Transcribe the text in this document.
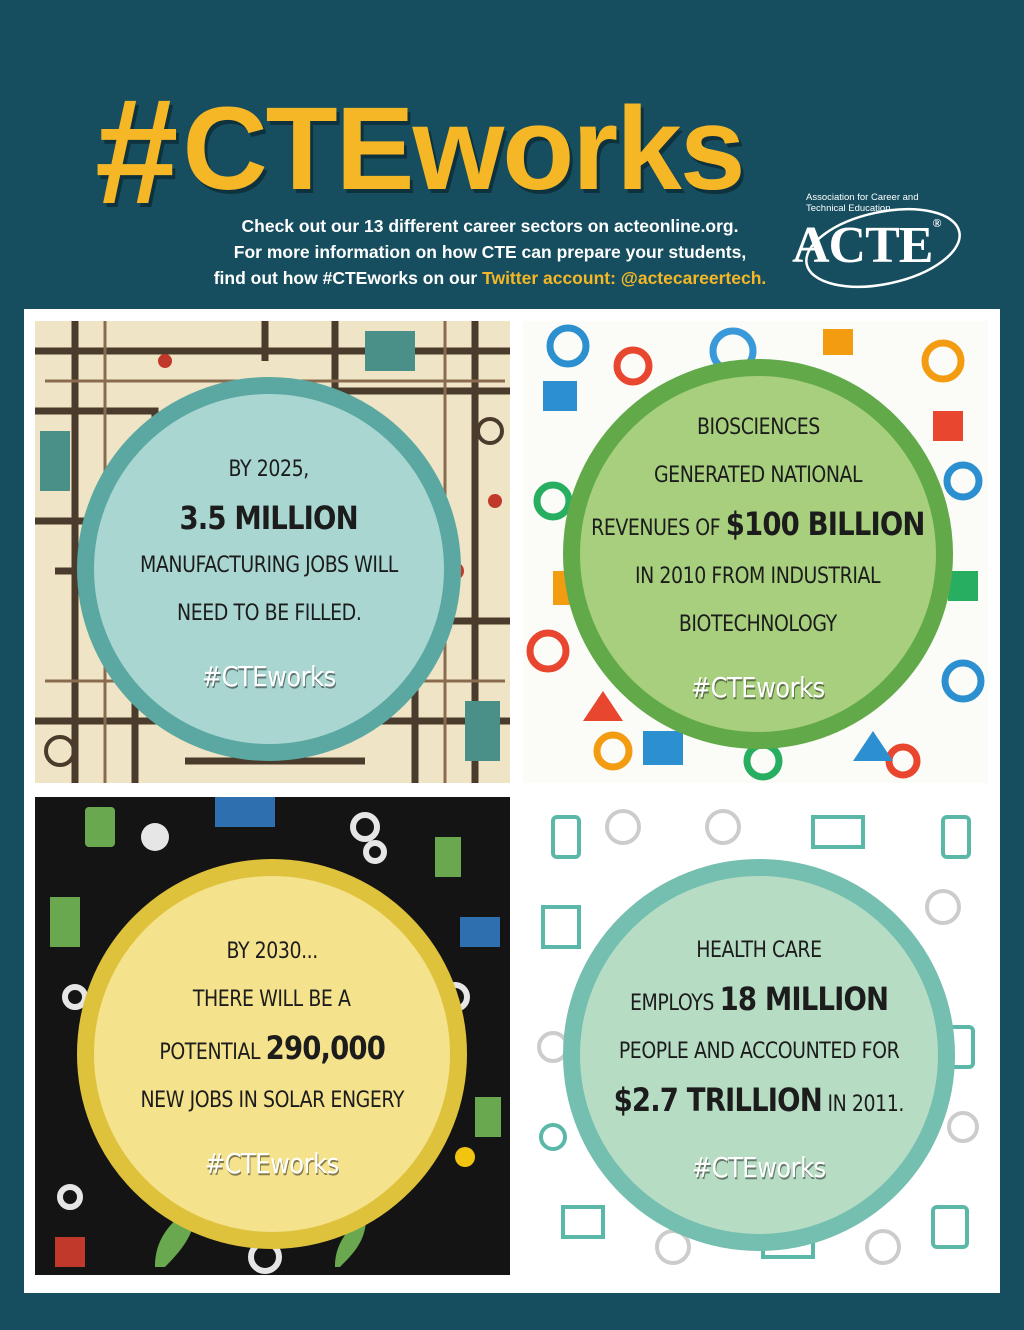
#CTEworks
Check out our 13 different career sectors on acteonline.org.
For more information on how CTE can prepare your students,
find out how #CTEworks on our Twitter account: @actecareertech.
Association for Career and Technical Education
ACTE®
BY 2025,
3.5 MILLION
MANUFACTURING JOBS WILL
NEED TO BE FILLED.
#CTEworks
BIOSCIENCES
GENERATED NATIONAL
REVENUES OF $100 BILLION
IN 2010 FROM INDUSTRIAL
BIOTECHNOLOGY
#CTEworks
BY 2030...
THERE WILL BE A
POTENTIAL 290,000
NEW JOBS IN SOLAR ENGERY
#CTEworks
HEALTH CARE
EMPLOYS 18 MILLION
PEOPLE AND ACCOUNTED FOR
$2.7 TRILLION IN 2011.
#CTEworks
